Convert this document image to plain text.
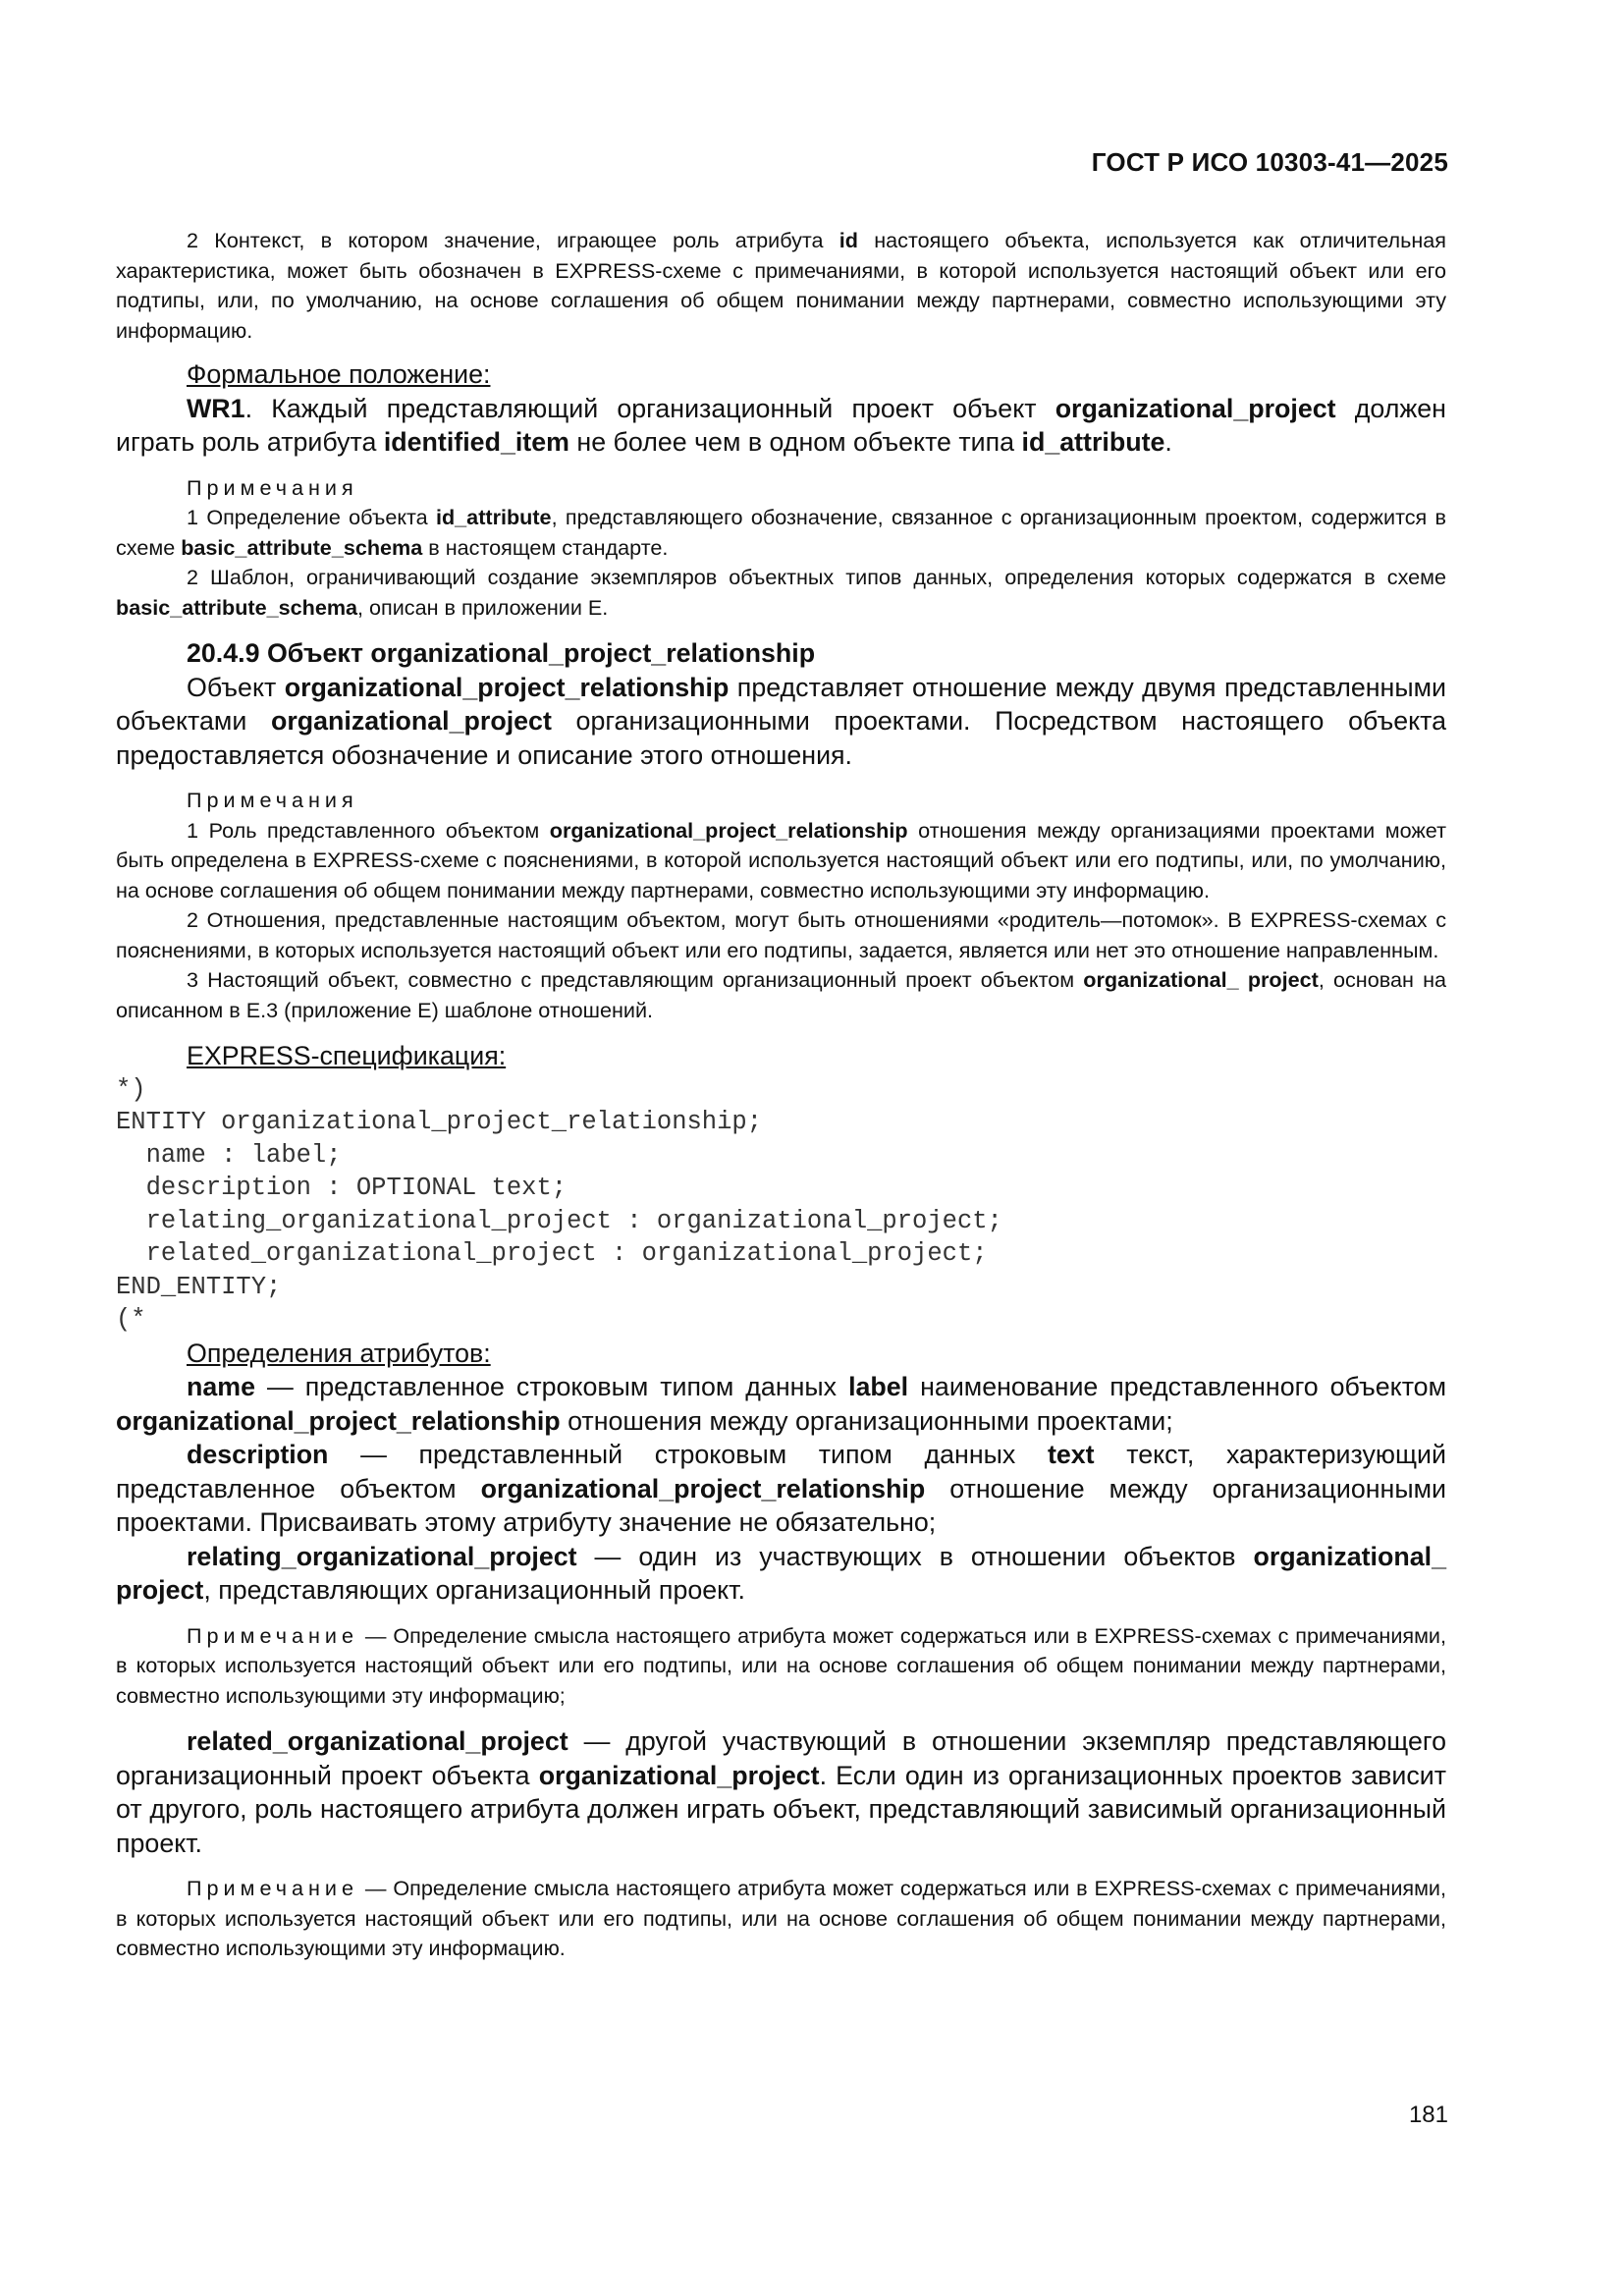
ГОСТ Р ИСО 10303-41—2025
2 Контекст, в котором значение, играющее роль атрибута id настоящего объекта, используется как отличительная характеристика, может быть обозначен в EXPRESS-схеме с примечаниями, в которой используется настоящий объект или его подтипы, или, по умолчанию, на основе соглашения об общем понимании между партнерами, совместно использующими эту информацию.
Формальное положение:
WR1. Каждый представляющий организационный проект объект organizational_project должен играть роль атрибута identified_item не более чем в одном объекте типа id_attribute.
Примечания
1 Определение объекта id_attribute, представляющего обозначение, связанное с организационным проектом, содержится в схеме basic_attribute_schema в настоящем стандарте.
2 Шаблон, ограничивающий создание экземпляров объектных типов данных, определения которых содержатся в схеме basic_attribute_schema, описан в приложении E.
20.4.9 Объект organizational_project_relationship
Объект organizational_project_relationship представляет отношение между двумя представленными объектами organizational_project организационными проектами. Посредством настоящего объекта предоставляется обозначение и описание этого отношения.
Примечания
1 Роль представленного объектом organizational_project_relationship отношения между организациями проектами может быть определена в EXPRESS-схеме с пояснениями, в которой используется настоящий объект или его подтипы, или, по умолчанию, на основе соглашения об общем понимании между партнерами, совместно использующими эту информацию.
2 Отношения, представленные настоящим объектом, могут быть отношениями «родитель—потомок». В EXPRESS-схемах с пояснениями, в которых используется настоящий объект или его подтипы, задается, является или нет это отношение направленным.
3 Настоящий объект, совместно с представляющим организационный проект объектом organizational_ project, основан на описанном в E.3 (приложение E) шаблоне отношений.
EXPRESS-спецификация:
*)
ENTITY organizational_project_relationship;
name : label;
description : OPTIONAL text;
relating_organizational_project : organizational_project;
related_organizational_project : organizational_project;
END_ENTITY;
(*
Определения атрибутов:
name — представленное строковым типом данных label наименование представленного объектом organizational_project_relationship отношения между организационными проектами;
description — представленный строковым типом данных text текст, характеризующий представленное объектом organizational_project_relationship отношение между организационными проектами. Присваивать этому атрибуту значение не обязательно;
relating_organizational_project — один из участвующих в отношении объектов organizational_ project, представляющих организационный проект.
Примечание — Определение смысла настоящего атрибута может содержаться или в EXPRESS-схемах с примечаниями, в которых используется настоящий объект или его подтипы, или на основе соглашения об общем понимании между партнерами, совместно использующими эту информацию;
related_organizational_project — другой участвующий в отношении экземпляр представляющего организационный проект объекта organizational_project. Если один из организационных проектов зависит от другого, роль настоящего атрибута должен играть объект, представляющий зависимый организационный проект.
Примечание — Определение смысла настоящего атрибута может содержаться или в EXPRESS-схемах с примечаниями, в которых используется настоящий объект или его подтипы, или на основе соглашения об общем понимании между партнерами, совместно использующими эту информацию.
181
